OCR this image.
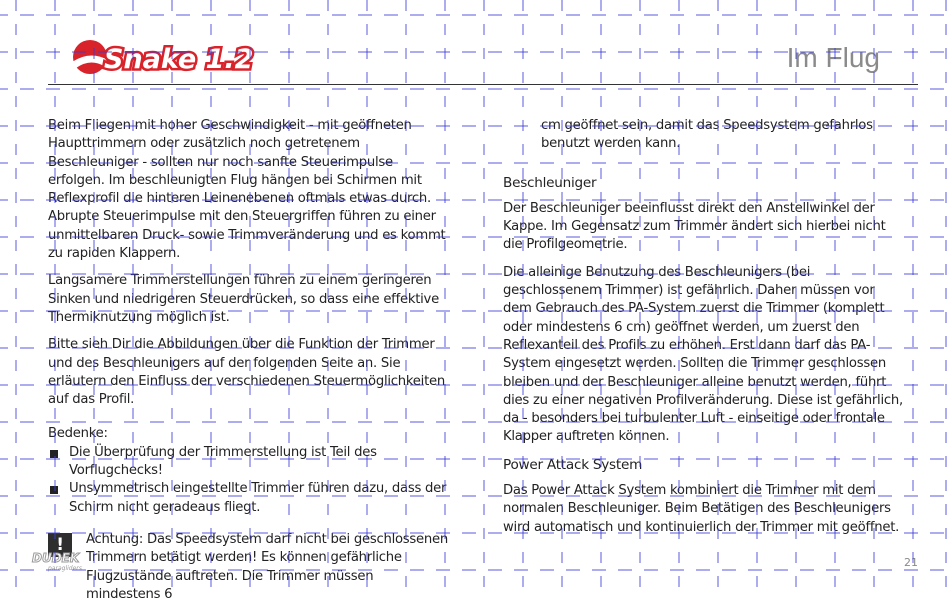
Snake 1.2	Im Flug

Beim Fliegen mit hoher Geschwindigkeit - mit geöffneten Haupttrimmern oder zusätzlich noch getretenem Beschleuniger - sollten nur noch sanfte Steuerimpulse erfolgen. Im beschleunigten Flug hängen bei Schirmen mit Reflexprofil die hinteren Leinenebenen oftmals etwas durch. Abrupte Steuerimpulse mit den Steuergriffen führen zu einer unmittelbaren Druck- sowie Trimmveränderung und es kommt zu rapiden Klappern.

Langsamere Trimmerstellungen führen zu einem geringeren Sinken und niedrigeren Steuerdrücken, so dass eine effektive Thermiknutzung möglich ist.

Bitte sieh Dir die Abbildungen über die Funktion der Trimmer und des Beschleunigers auf der folgenden Seite an. Sie erläutern den Einfluss der verschiedenen Steuermöglichkeiten auf das Profil.

Bedenke:
Die Überprüfung der Trimmerstellung ist Teil des Vorflugchecks!
Unsymmetrisch eingestellte Trimmer führen dazu, dass der Schirm nicht geradeaus fliegt.
!	Achtung: Das Speedsystem darf nicht bei geschlossenen Trimmern betätigt werden! Es können gefährliche Flugzustände auftreten. Die Trimmer müssen mindestens 6

cm geöffnet sein, damit das Speedsystem gefahrlos benutzt werden kann.

Beschleuniger

Der Beschleuniger beeinflusst direkt den Anstellwinkel der Kappe. Im Gegensatz zum Trimmer ändert sich hierbei nicht die Profilgeometrie.

Die alleinige Benutzung des Beschleunigers (bei geschlossenem Trimmer) ist gefährlich. Daher müssen vor dem Gebrauch des PA-System zuerst die Trimmer (komplett oder mindestens 6 cm) geöffnet werden, um zuerst den Reflexanteil des Profils zu erhöhen. Erst dann darf das PA-System eingesetzt werden. Sollten die Trimmer geschlossen bleiben und der Beschleuniger alleine benutzt werden, führt dies zu einer negativen Profilveränderung. Diese ist gefährlich, da - besonders bei turbulenter Luft - einseitige oder frontale Klapper auftreten können.

Power Attack System

Das Power Attack System kombiniert die Trimmer mit dem normalen Beschleuniger. Beim Betätigen des Beschleunigers wird automatisch und kontinuierlich der Trimmer mit geöffnet.

DUDEK
paragliders	21
